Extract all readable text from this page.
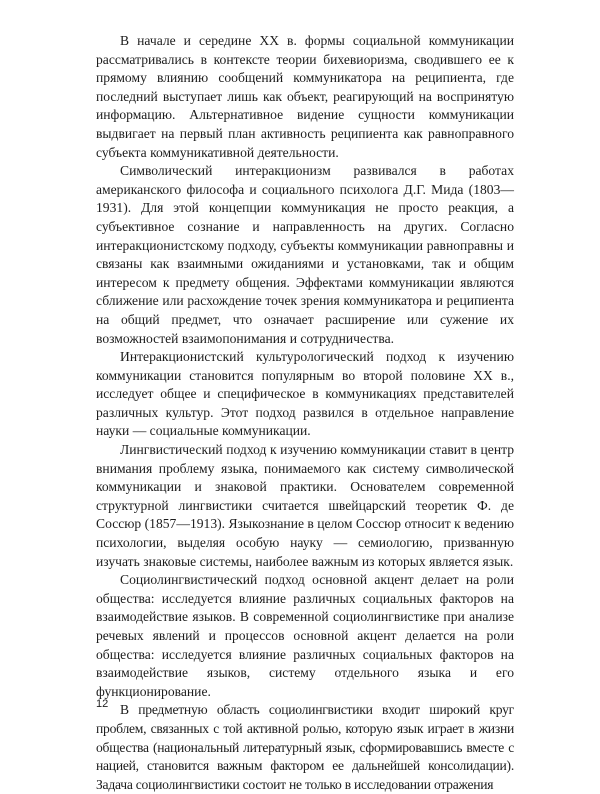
В начале и середине XX в. формы социальной коммуникации рассматривались в контексте теории бихевиоризма, сводившего ее к прямому влиянию сообщений коммуникатора на реципиента, где последний выступает лишь как объект, реагирующий на воспринятую информацию. Альтернативное видение сущности коммуникации выдвигает на первый план активность реципиента как равноправного субъекта коммуникативной деятельности.

Символический интеракционизм развивался в работах американского философа и социального психолога Д.Г. Мида (1803—1931). Для этой концепции коммуникация не просто реакция, а субъективное сознание и направленность на других. Согласно интеракционистскому подходу, субъекты коммуникации равноправны и связаны как взаимными ожиданиями и установками, так и общим интересом к предмету общения. Эффектами коммуникации являются сближение или расхождение точек зрения коммуникатора и реципиента на общий предмет, что означает расширение или сужение их возможностей взаимопонимания и сотрудничества.

Интеракционистский культурологический подход к изучению коммуникации становится популярным во второй половине XX в., исследует общее и специфическое в коммуникациях представителей различных культур. Этот подход развился в отдельное направление науки — социальные коммуникации.

Лингвистический подход к изучению коммуникации ставит в центр внимания проблему языка, понимаемого как систему символической коммуникации и знаковой практики. Основателем современной структурной лингвистики считается швейцарский теоретик Ф. де Соссюр (1857—1913). Языкознание в целом Соссюр относит к ведению психологии, выделяя особую науку — семиологию, призванную изучать знаковые системы, наиболее важным из которых является язык.

Социолингвистический подход основной акцент делает на роли общества: исследуется влияние различных социальных факторов на взаимодействие языков. В современной социолингвистике при анализе речевых явлений и процессов основной акцент делается на роли общества: исследуется влияние различных социальных факторов на взаимодействие языков, систему отдельного языка и его функционирование.

В предметную область социолингвистики входит широкий круг проблем, связанных с той активной ролью, которую язык играет в жизни общества (национальный литературный язык, сформировавшись вместе с нацией, становится важным фактором ее дальнейшей консолидации). Задача социолингвистики состоит не только в исследовании отражения

12
